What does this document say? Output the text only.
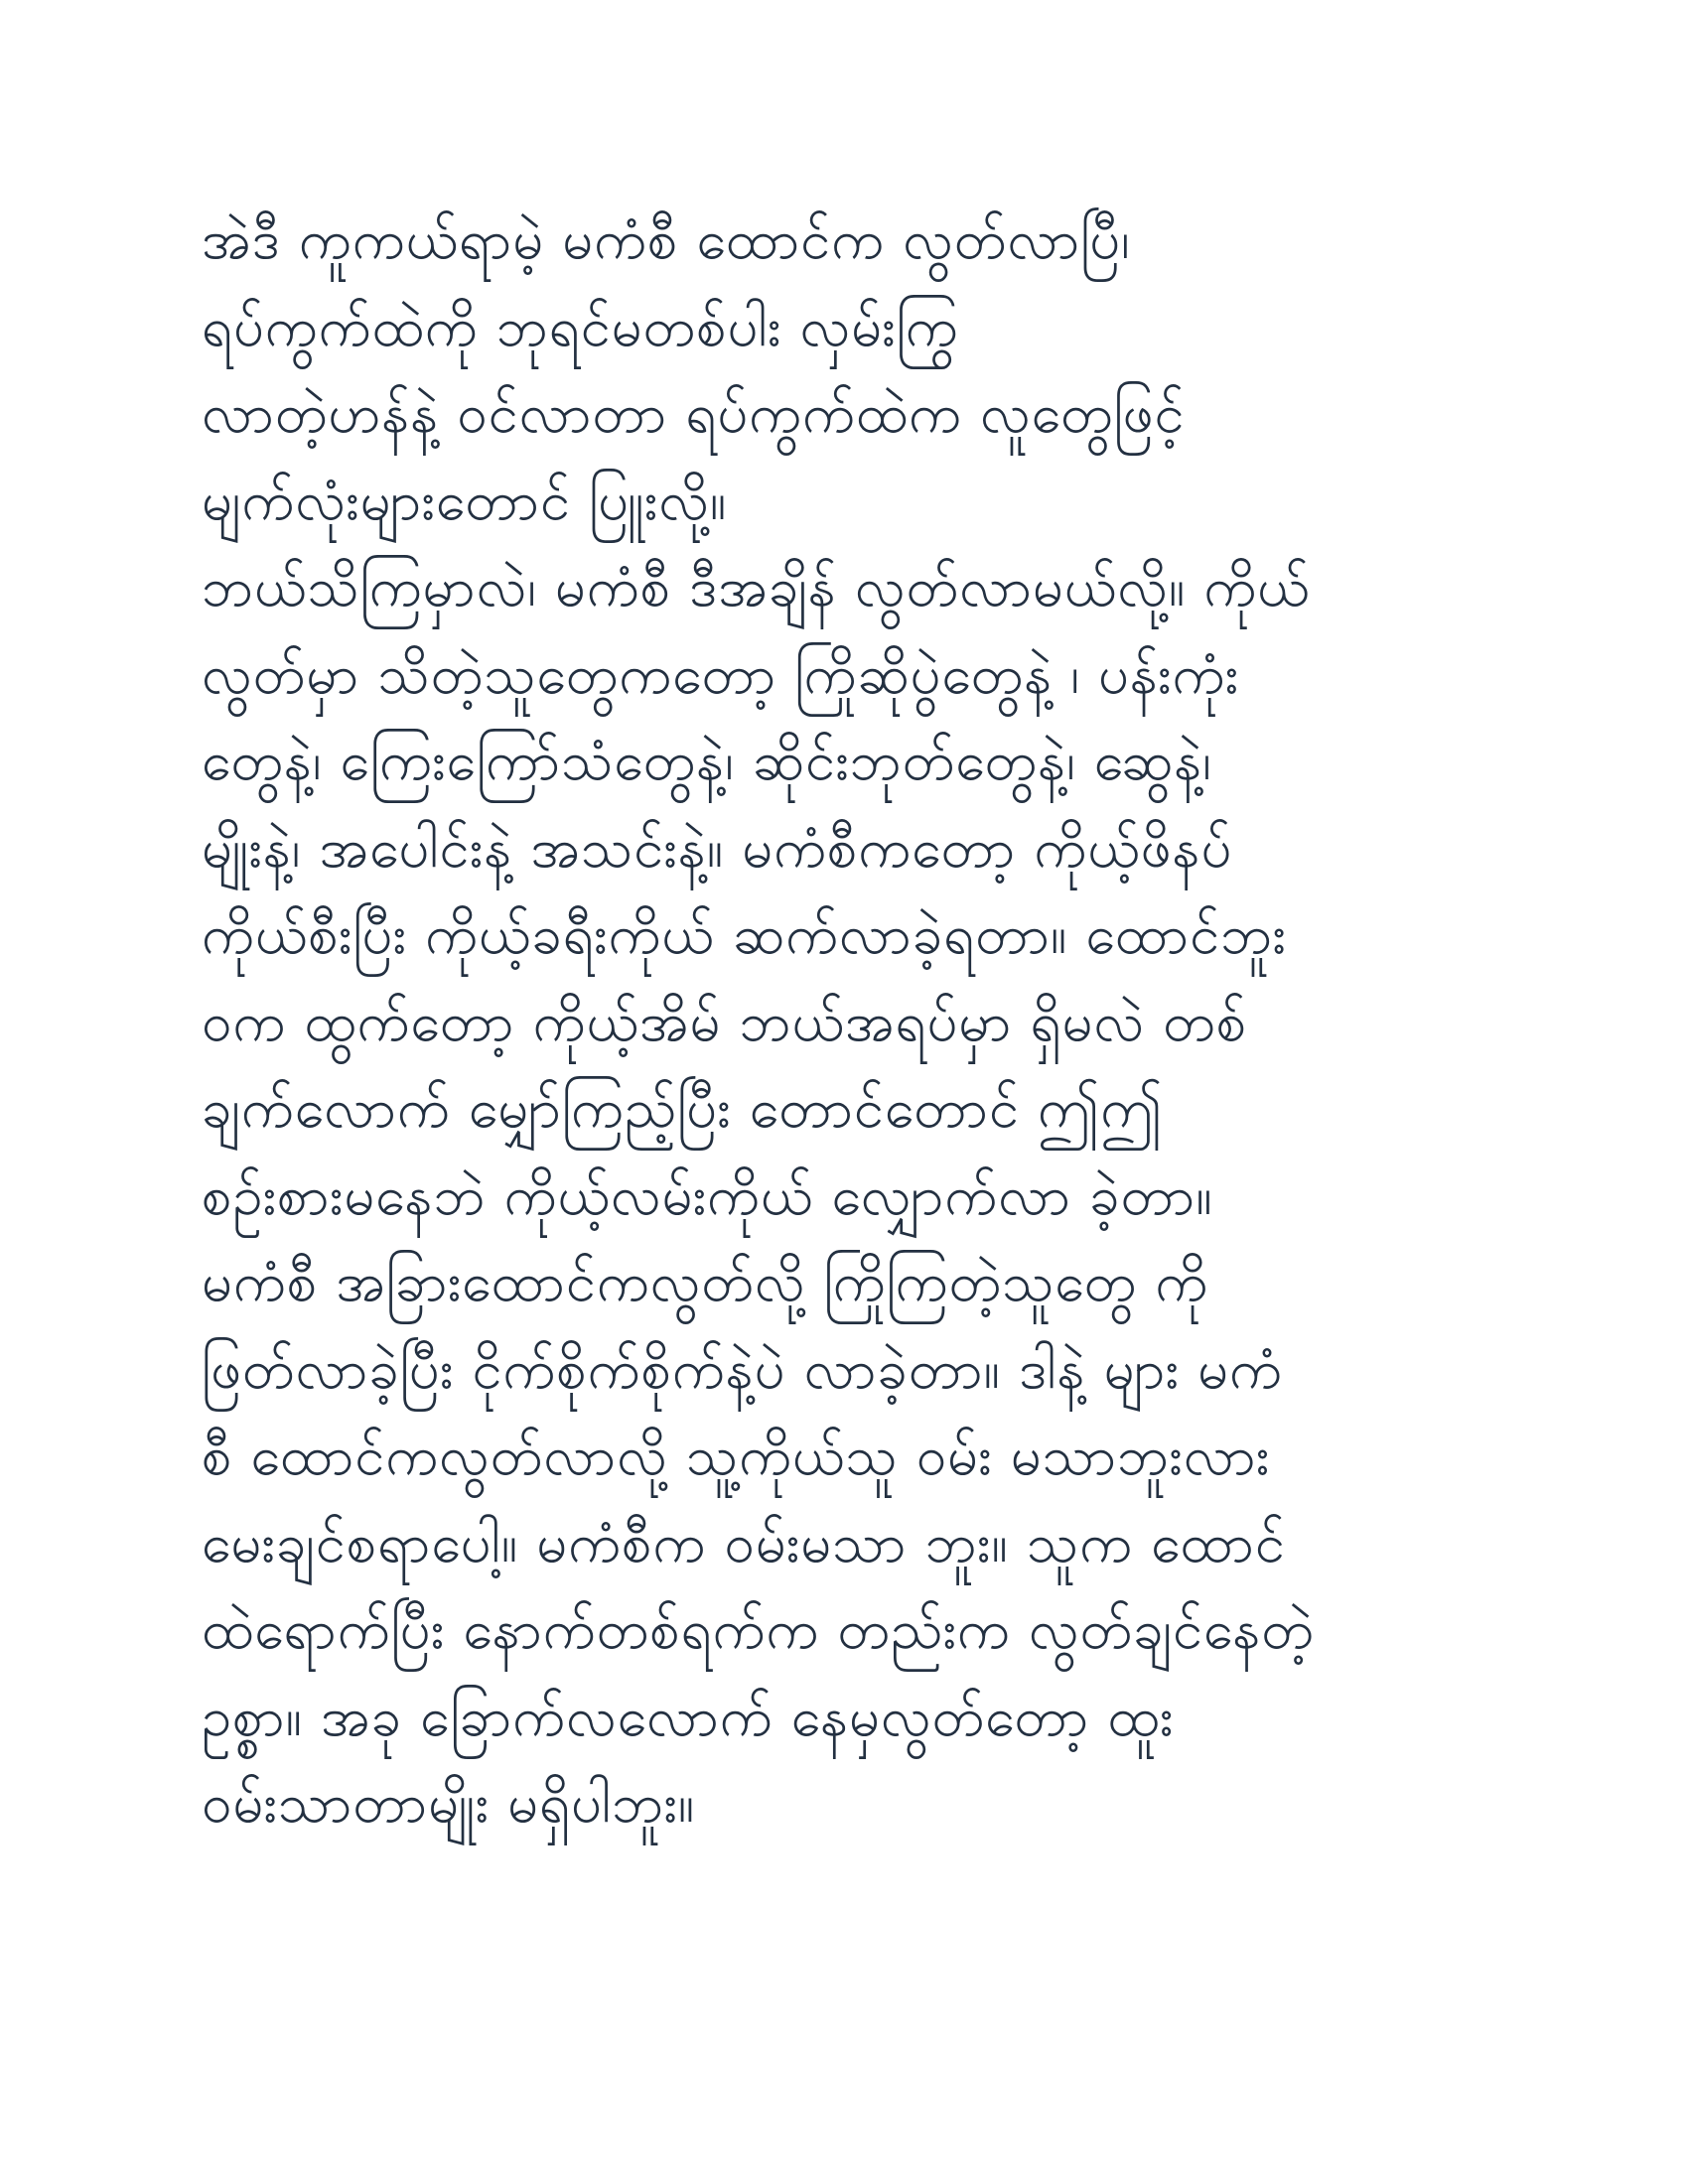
အဲဒီ ကူကယ်ရာမဲ့ မကံစီ ထောင်က လွတ်လာပြီ၊
ရပ်ကွက်ထဲကို ဘုရင်မတစ်ပါး လှမ်းကြွ
လာတဲ့ဟန်နဲ့ ဝင်လာတာ ရပ်ကွက်ထဲက လူတွေဖြင့်
မျက်လုံးများတောင် ပြူးလို့။
ဘယ်သိကြမှာလဲ၊ မကံစီ ဒီအချိန် လွတ်လာမယ်လို့။ ကိုယ်
လွတ်မှာ သိတဲ့သူတွေကတော့ ကြိုဆိုပွဲတွေနဲ့ ၊ ပန်းကုံး
တွေနဲ့၊ ကြေးကြော်သံတွေနဲ့၊ ဆိုင်းဘုတ်တွေနဲ့၊ ဆွေနဲ့၊
မျိုးနဲ့၊ အပေါင်းနဲ့ အသင်းနဲ့။ မကံစီကတော့ ကိုယ့်ဖိနပ်
ကိုယ်စီးပြီး ကိုယ့်ခရီးကိုယ် ဆက်လာခဲ့ရတာ။ ထောင်ဘူး
ဝက ထွက်တော့ ကိုယ့်အိမ် ဘယ်အရပ်မှာ ရှိမလဲ တစ်
ချက်လောက် မျှော်ကြည့်ပြီး တောင်တောင် ဤဤ
စဉ်းစားမနေဘဲ ကိုယ့်လမ်းကိုယ် လျှောက်လာ ခဲ့တာ။
မကံစီ အခြားထောင်ကလွတ်လို့ ကြိုကြတဲ့သူတွေ ကို
ဖြတ်လာခဲ့ပြီး ငိုက်စိုက်စိုက်နဲ့ပဲ လာခဲ့တာ။ ဒါနဲ့ များ မကံ
စီ ထောင်ကလွတ်လာလို့ သူ့ကိုယ်သူ ဝမ်း မသာဘူးလား
မေးချင်စရာပေါ့။ မကံစီက ဝမ်းမသာ ဘူး။ သူက ထောင်
ထဲရောက်ပြီး နောက်တစ်ရက်က တည်းက လွတ်ချင်နေတဲ့
ဥစ္စာ။ အခု ခြောက်လလောက် နေမှလွတ်တော့ ထူး
ဝမ်းသာတာမျိုး မရှိပါဘူး။
